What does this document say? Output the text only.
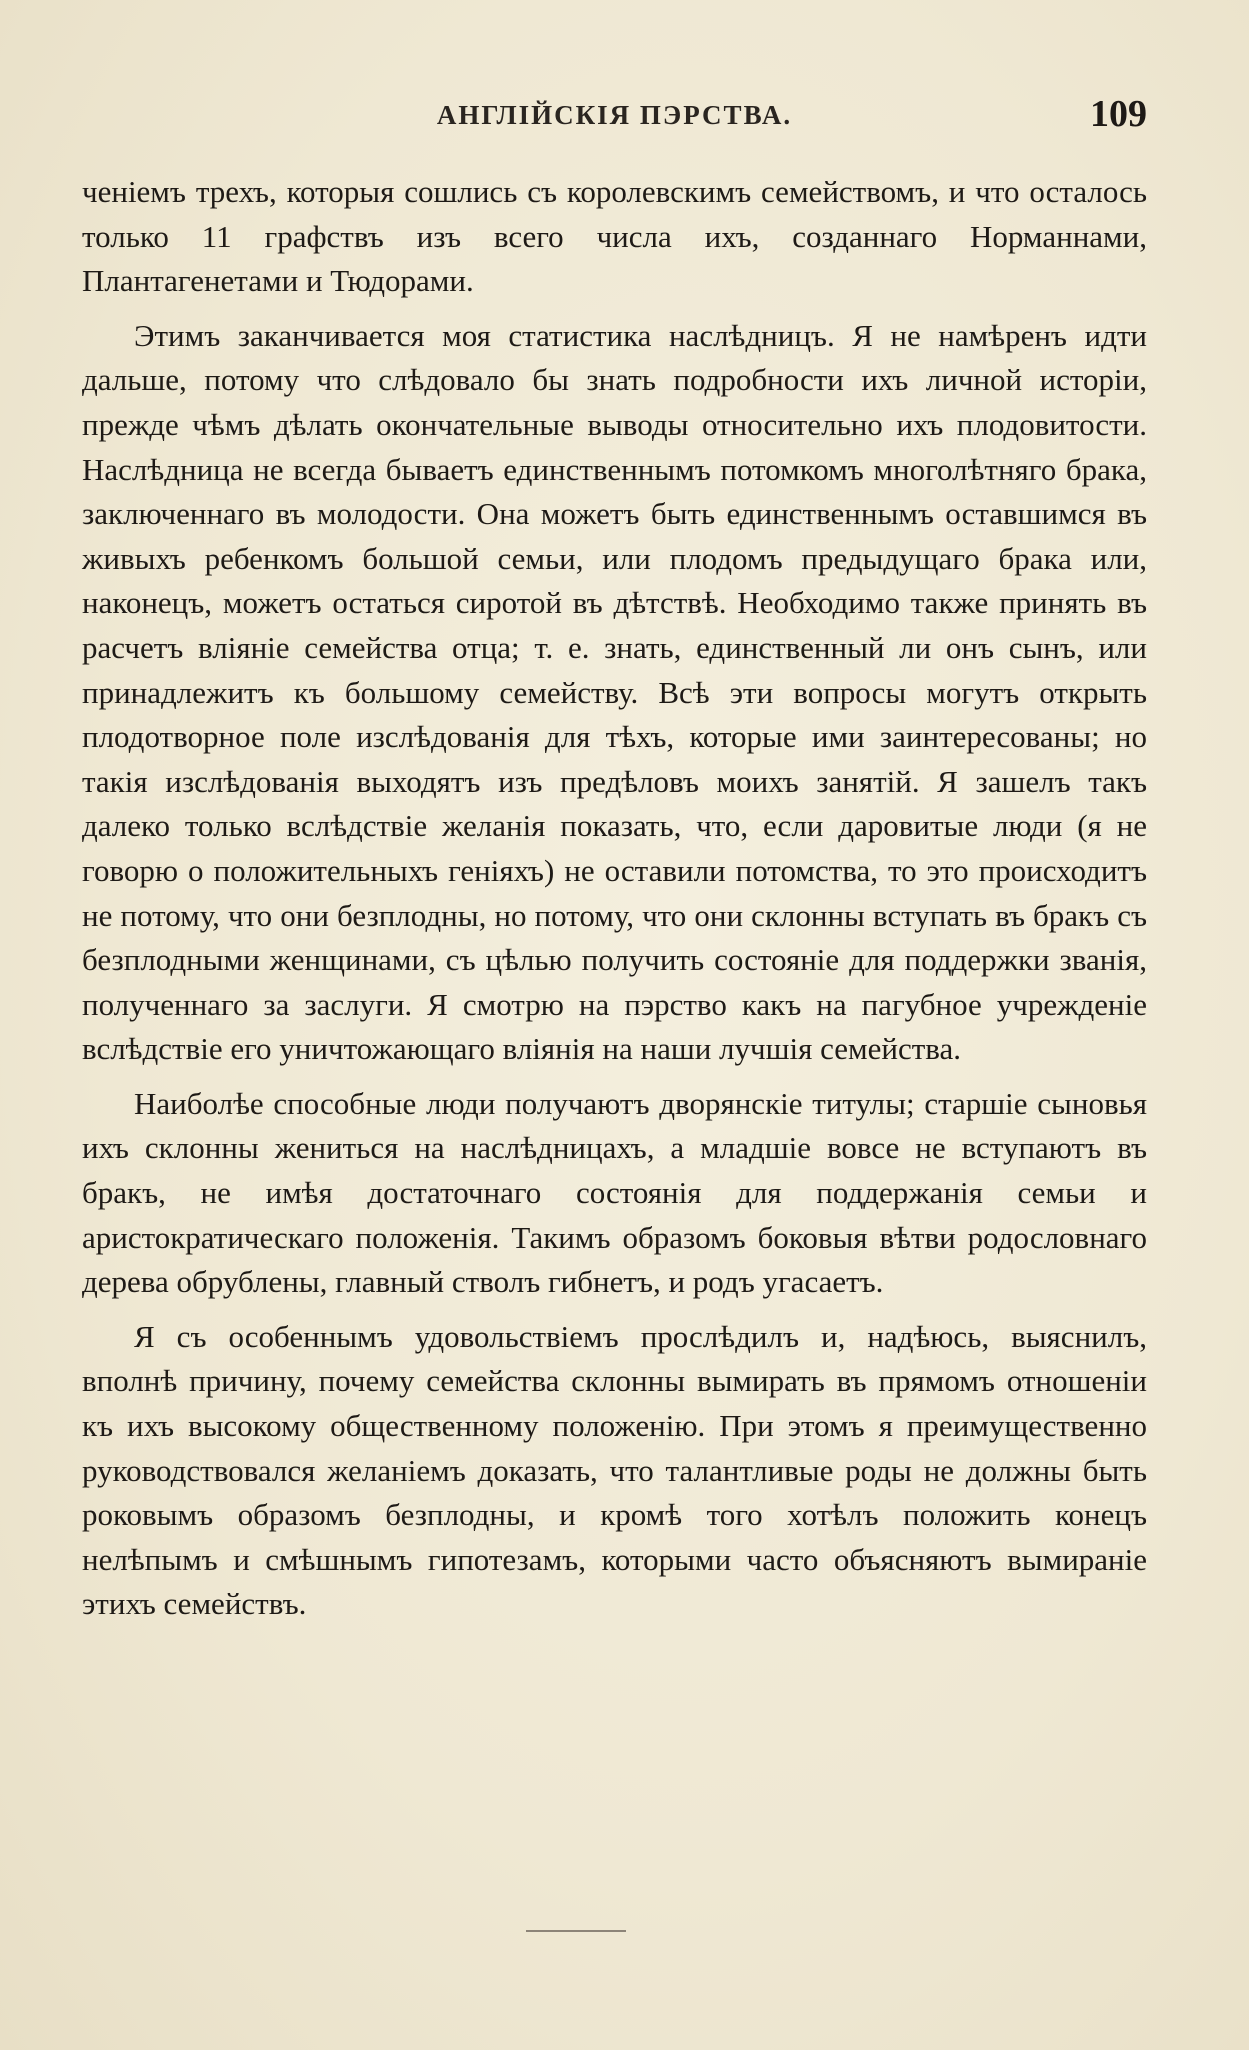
АНГЛІЙСКІЯ ПЭРСТВА.	109

ченіемъ трехъ, которыя сошлись съ королевскимъ семействомъ, и что осталось только 11 графствъ изъ всего числа ихъ, созданнаго Норманнами, Плантагенетами и Тюдорами.

Этимъ заканчивается моя статистика наслѣдницъ. Я не намѣренъ идти дальше, потому что слѣдовало бы знать подробности ихъ личной исторіи, прежде чѣмъ дѣлать окончательные выводы относительно ихъ плодовитости. Наслѣдница не всегда бываетъ единственнымъ потомкомъ многолѣтняго брака, заключеннаго въ молодости. Она можетъ быть единственнымъ оставшимся въ живыхъ ребенкомъ большой семьи, или плодомъ предыдущаго брака или, наконецъ, можетъ остаться сиротой въ дѣтствѣ. Необходимо также принять въ расчетъ вліяніе семейства отца; т. е. знать, единственный ли онъ сынъ, или принадлежитъ къ большому семейству. Всѣ эти вопросы могутъ открыть плодотворное поле изслѣдованія для тѣхъ, которые ими заинтересованы; но такія изслѣдованія выходятъ изъ предѣловъ моихъ занятій. Я зашелъ такъ далеко только вслѣдствіе желанія показать, что, если даровитые люди (я не говорю о положительныхъ геніяхъ) не оставили потомства, то это происходитъ не потому, что они безплодны, но потому, что они склонны вступать въ бракъ съ безплодными женщинами, съ цѣлью получить состояніе для поддержки званія, полученнаго за заслуги. Я смотрю на пэрство какъ на пагубное учрежденіе вслѣдствіе его уничтожающаго вліянія на наши лучшія семейства.

Наиболѣе способные люди получаютъ дворянскіе титулы; старшіе сыновья ихъ склонны жениться на наслѣдницахъ, а младшіе вовсе не вступаютъ въ бракъ, не имѣя достаточнаго состоянія для поддержанія семьи и аристократическаго положенія. Такимъ образомъ боковыя вѣтви родословнаго дерева обрублены, главный стволъ гибнетъ, и родъ угасаетъ.

Я съ особеннымъ удовольствіемъ прослѣдилъ и, надѣюсь, выяснилъ, вполнѣ причину, почему семейства склонны вымирать въ прямомъ отношеніи къ ихъ высокому общественному положенію. При этомъ я преимущественно руководствовался желаніемъ доказать, что талантливые роды не должны быть роковымъ образомъ безплодны, и кромѣ того хотѣлъ положить конецъ нелѣпымъ и смѣшнымъ гипотезамъ, которыми часто объясняютъ вымираніе этихъ семействъ.
